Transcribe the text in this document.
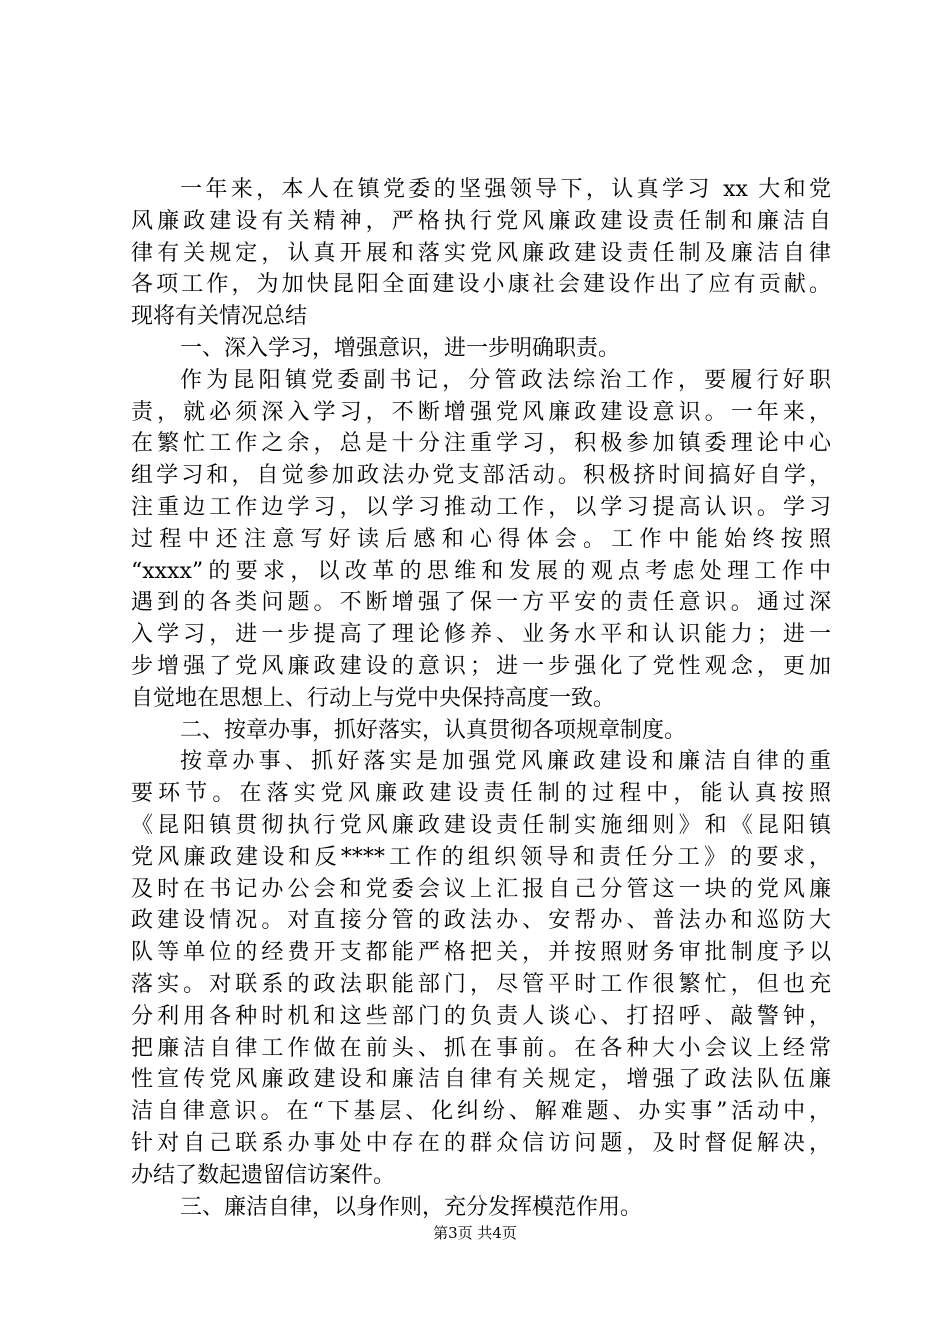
一年来，本人在镇党委的坚强领导下，认真学习 xx 大和党
风廉政建设有关精神，严格执行党风廉政建设责任制和廉洁自
律有关规定，认真开展和落实党风廉政建设责任制及廉洁自律
各项工作，为加快昆阳全面建设小康社会建设作出了应有贡献。
现将有关情况总结
一、深入学习，增强意识，进一步明确职责。
作为昆阳镇党委副书记，分管政法综治工作，要履行好职
责，就必须深入学习，不断增强党风廉政建设意识。一年来，
在繁忙工作之余，总是十分注重学习，积极参加镇委理论中心
组学习和，自觉参加政法办党支部活动。积极挤时间搞好自学，
注重边工作边学习，以学习推动工作，以学习提高认识。学习
过程中还注意写好读后感和心得体会。工作中能始终按照
“xxxx”的要求，以改革的思维和发展的观点考虑处理工作中
遇到的各类问题。不断增强了保一方平安的责任意识。通过深
入学习，进一步提高了理论修养、业务水平和认识能力；进一
步增强了党风廉政建设的意识；进一步强化了党性观念，更加
自觉地在思想上、行动上与党中央保持高度一致。
二、按章办事，抓好落实，认真贯彻各项规章制度。
按章办事、抓好落实是加强党风廉政建设和廉洁自律的重
要环节。在落实党风廉政建设责任制的过程中，能认真按照
《昆阳镇贯彻执行党风廉政建设责任制实施细则》和《昆阳镇
党风廉政建设和反****工作的组织领导和责任分工》的要求，
及时在书记办公会和党委会议上汇报自己分管这一块的党风廉
政建设情况。对直接分管的政法办、安帮办、普法办和巡防大
队等单位的经费开支都能严格把关，并按照财务审批制度予以
落实。对联系的政法职能部门，尽管平时工作很繁忙，但也充
分利用各种时机和这些部门的负责人谈心、打招呼、敲警钟，
把廉洁自律工作做在前头、抓在事前。在各种大小会议上经常
性宣传党风廉政建设和廉洁自律有关规定，增强了政法队伍廉
洁自律意识。在“下基层、化纠纷、解难题、办实事”活动中，
针对自己联系办事处中存在的群众信访问题，及时督促解决，
办结了数起遗留信访案件。
三、廉洁自律，以身作则，充分发挥模范作用。
第3页 共4页
